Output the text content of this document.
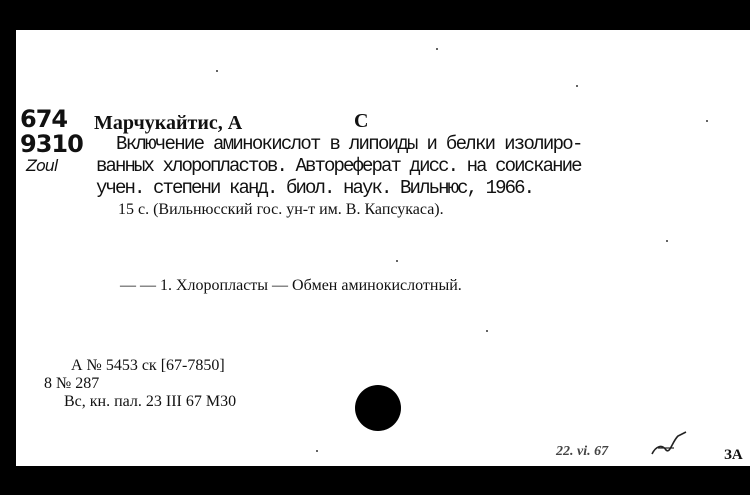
674
9310
Zoul
Марчукайтис, А	С
Включение аминокислот в липоиды и белки изолиро-
ванных хлоропластов. Автореферат дисс. на соискание
учен. степени канд. биол. наук. Вильнюс, 1966.
15 с. (Вильнюсский гос. ун-т им. В. Капсукаса).
— — 1. Хлоропласты — Обмен аминокислотный.
А № 5453 ск [67-7850]
8 № 287
Вс, кн. пал. 23 III 67 М30
22. vi. 67	ЗА
